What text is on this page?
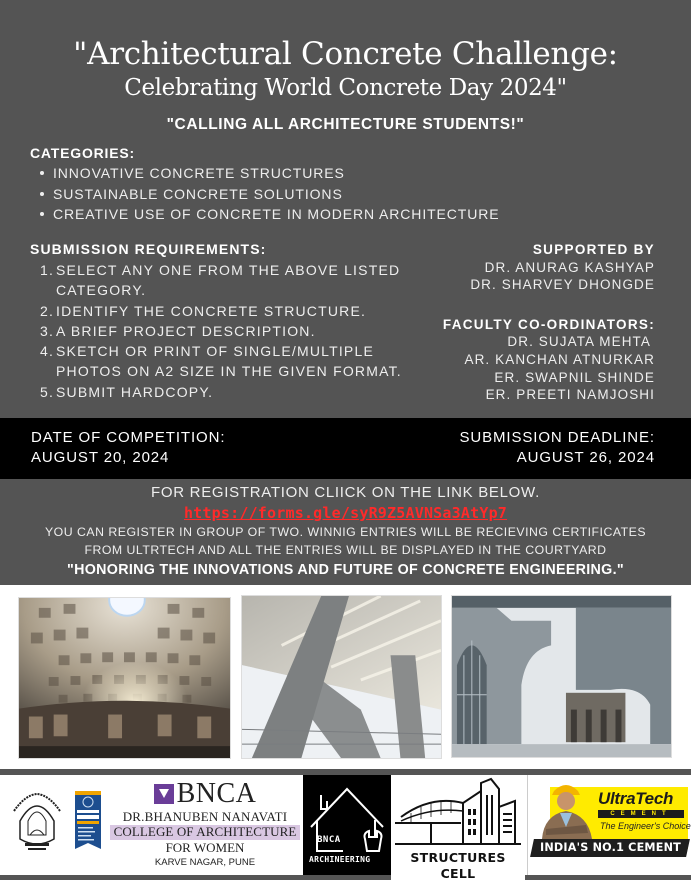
"Architectural Concrete Challenge:
Celebrating World Concrete Day 2024"
"CALLING ALL ARCHITECTURE STUDENTS!"
CATEGORIES:
INNOVATIVE CONCRETE STRUCTURES
SUSTAINABLE CONCRETE SOLUTIONS
CREATIVE USE OF CONCRETE IN MODERN ARCHITECTURE
SUBMISSION REQUIREMENTS:
1. SELECT ANY ONE FROM THE ABOVE LISTED CATEGORY.
2. IDENTIFY THE CONCRETE STRUCTURE.
3. A BRIEF PROJECT DESCRIPTION.
4. SKETCH OR PRINT OF SINGLE/MULTIPLE PHOTOS ON A2 SIZE IN THE GIVEN FORMAT.
5. SUBMIT HARDCOPY.
SUPPORTED BY
DR. ANURAG KASHYAP
DR. SHARVEY DHONGDE
FACULTY CO-ORDINATORS:
DR. SUJATA MEHTA
AR. KANCHAN ATNURKAR
ER. SWAPNIL SHINDE
ER. PREETI NAMJOSHI
DATE OF COMPETITION:
AUGUST 20, 2024
SUBMISSION DEADLINE:
AUGUST 26, 2024
FOR REGISTRATION CLIICK ON THE LINK BELOW.
https://forms.gle/syR9Z5AVNSa3AtYp7
YOU CAN REGISTER IN GROUP OF TWO. WINNIG ENTRIES WILL BE RECIEVING CERTIFICATES
FROM ULTRTECH AND ALL THE ENTRIES WILL BE DISPLAYED IN THE COURTYARD
"HONORING THE INNOVATIONS AND FUTURE OF CONCRETE ENGINEERING."
BNCA
DR.BHANUBEN NANAVATI
COLLEGE OF ARCHITECTURE
FOR WOMEN
KARVE NAGAR, PUNE
BNCA
ARCHINEERING	STRUCTURES CELL
UltraTech
CEMENT
The Engineer's Choice
INDIA'S NO.1 CEMENT
